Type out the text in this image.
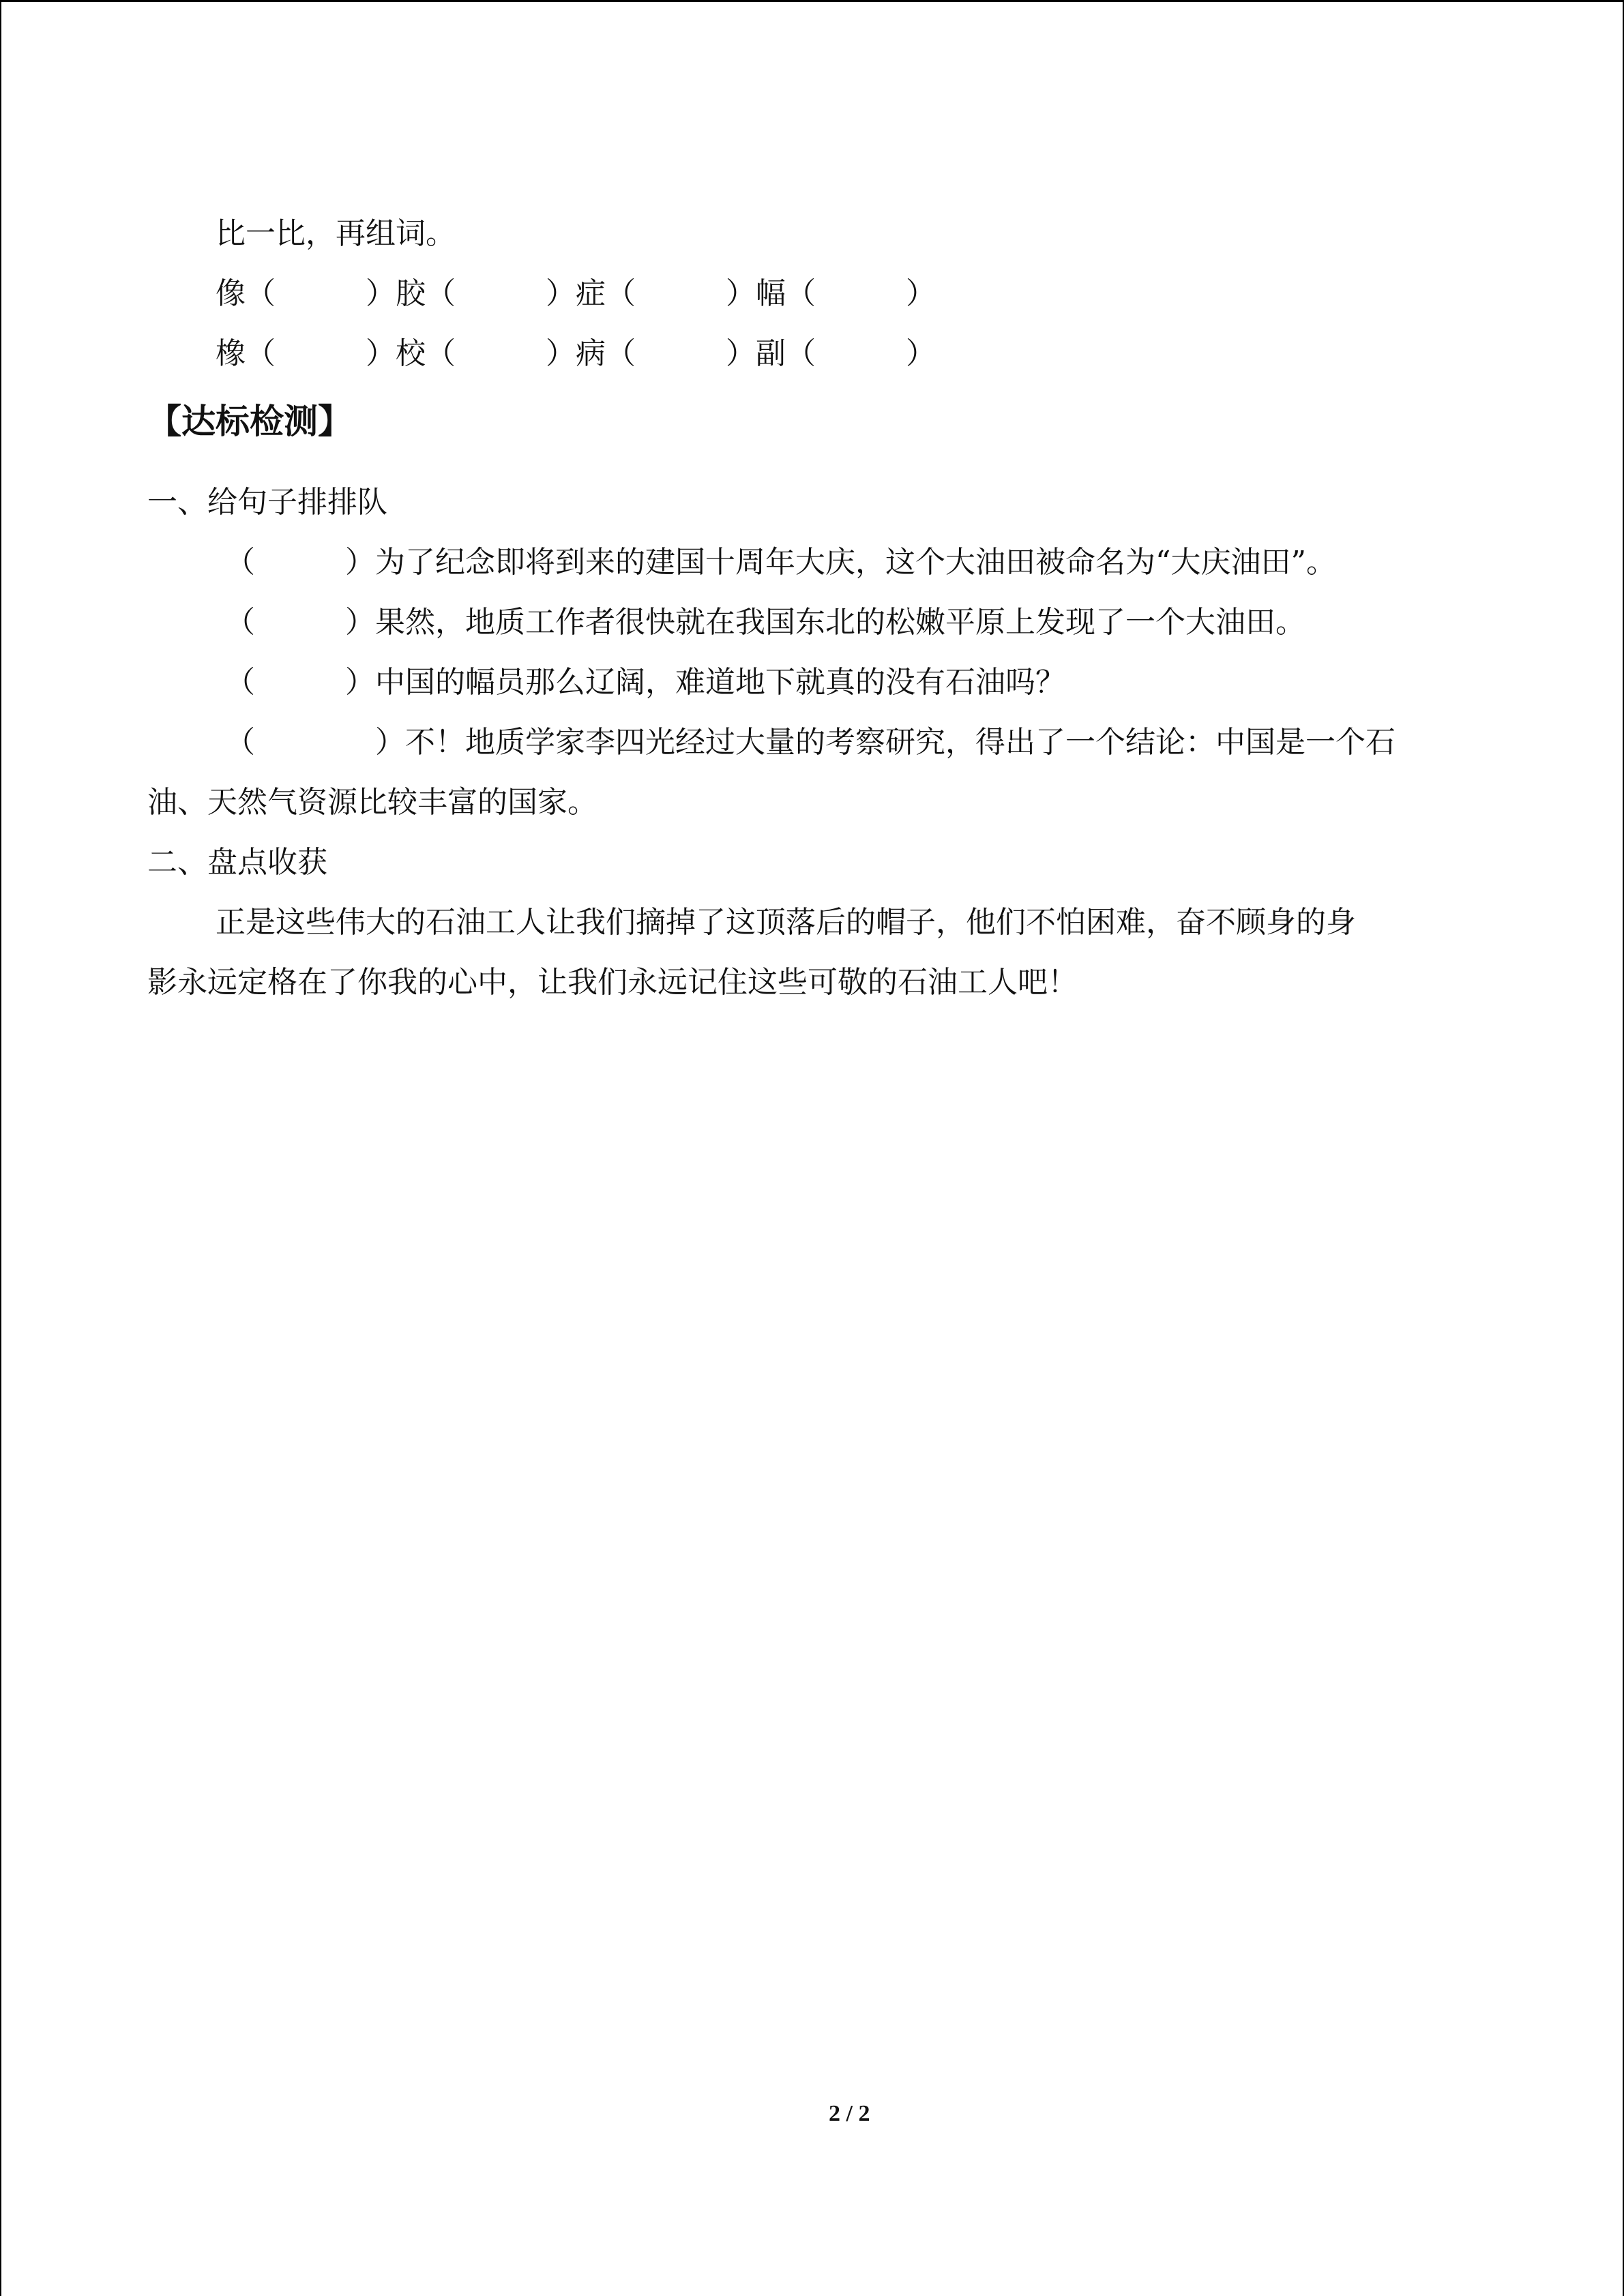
比一比，再组词。
像（　　　）胶（　　　）症（　　　）幅（　　　）
橡（　　　）校（　　　）病（　　　）副（　　　）
【达标检测】
一、给句子排排队
（　　　）为了纪念即将到来的建国十周年大庆，这个大油田被命名为“大庆油田”。
（　　　）果然，地质工作者很快就在我国东北的松嫩平原上发现了一个大油田。
（　　　）中国的幅员那么辽阔，难道地下就真的没有石油吗？
（　　　　）不！地质学家李四光经过大量的考察研究，得出了一个结论：中国是一个石
油、天然气资源比较丰富的国家。
二、盘点收获
正是这些伟大的石油工人让我们摘掉了这顶落后的帽子，他们不怕困难，奋不顾身的身
影永远定格在了你我的心中，让我们永远记住这些可敬的石油工人吧！
2 / 2
